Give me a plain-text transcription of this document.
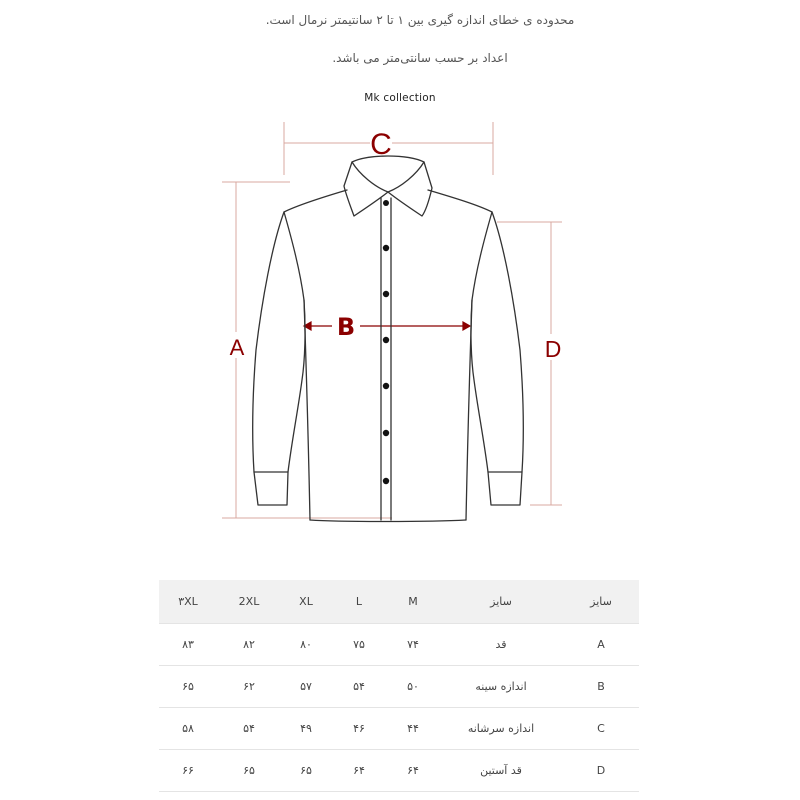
محدوده ی خطای اندازه گیری بین ۱ تا ۲ سانتیمتر نرمال است.
اعداد بر حسب سانتی‌متر می باشد.
Mk collection
C
A
B
D
سایز	سایز	M	L	XL	2XL	۳XL
A	قد	۷۴	۷۵	۸۰	۸۲	۸۳
B	اندازه سینه	۵۰	۵۴	۵۷	۶۲	۶۵
C	اندازه سرشانه	۴۴	۴۶	۴۹	۵۴	۵۸
D	قد آستین	۶۴	۶۴	۶۵	۶۵	۶۶
